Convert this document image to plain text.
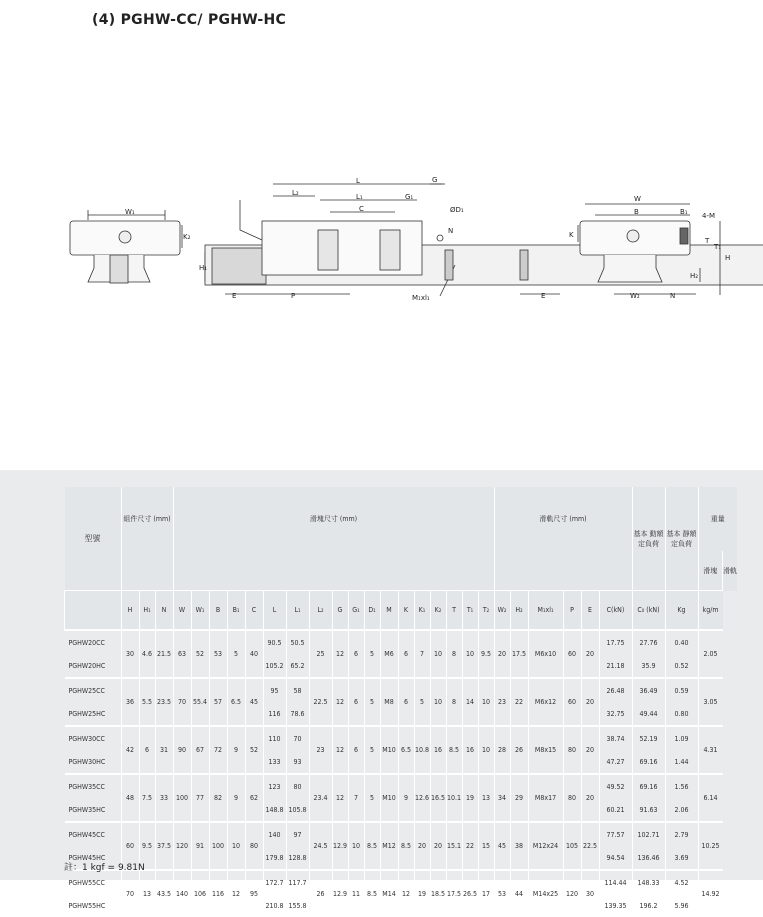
(4) PGHW-CC/ PGHW-HC
W₁
K₂
H₁
E	P
L
L₂	L₁
C
G
G₁
ØD₁
N
M₁xl₁	E
W
B	B₁ 4-M
K
T
T₁
H
H₂
W₂	N
型號	組件尺寸 (mm)			滑塊尺寸 (mm)																		滑軌尺寸 (mm)						基本 動額 定負荷	基本 靜額 定負荷	重量	
																														滑塊	滑軌
	H	H₁	N	W	W₁	B	B₁	C	L	L₁	L₂	G	G₁	D₁	M	K	K₁	K₂	T	T₁	T₂	W₂	H₂	M₁xl₁	P	E	C(kN)	C₀ (kN)	Kg	kg/m	
PGHW20CC	30	4.6	21.5	63	52	53	5	40	90.5	50.5	25	12	6	5	M6	6	7	10	8	10	9.5	20	17.5	M6x10	60	20	17.75	27.76	0.40	2.05	
PGHW20HC									105.2	65.2																	21.18	35.9	0.52		
PGHW25CC	36	5.5	23.5	70	55.4	57	6.5	45	95	58	22.5	12	6	5	M8	6	5	10	8	14	10	23	22	M6x12	60	20	26.48	36.49	0.59	3.05	
PGHW25HC									116	78.6																	32.75	49.44	0.80		
PGHW30CC	42	6	31	90	67	72	9	52	110	70	23	12	6	5	M10	6.5	10.8	16	8.5	16	10	28	26	M8x15	80	20	38.74	52.19	1.09	4.31	
PGHW30HC									133	93																	47.27	69.16	1.44		
PGHW35CC	48	7.5	33	100	77	82	9	62	123	80	23.4	12	7	5	M10	9	12.6	16.5	10.1	19	13	34	29	M8x17	80	20	49.52	69.16	1.56	6.14	
PGHW35HC									148.8	105.8																	60.21	91.63	2.06		
PGHW45CC	60	9.5	37.5	120	91	100	10	80	140	97	24.5	12.9	10	8.5	M12	8.5	20	20	15.1	22	15	45	38	M12x24	105	22.5	77.57	102.71	2.79	10.25	
PGHW45HC									179.8	128.8																	94.54	136.46	3.69		
PGHW55CC	70	13	43.5	140	106	116	12	95	172.7	117.7	26	12.9	11	8.5	M14	12	19	18.5	17.5	26.5	17	53	44	M14x25	120	30	114.44	148.33	4.52	14.92	
PGHW55HC									210.8	155.8																	139.35	196.2	5.96		
註：1 kgf = 9.81N
